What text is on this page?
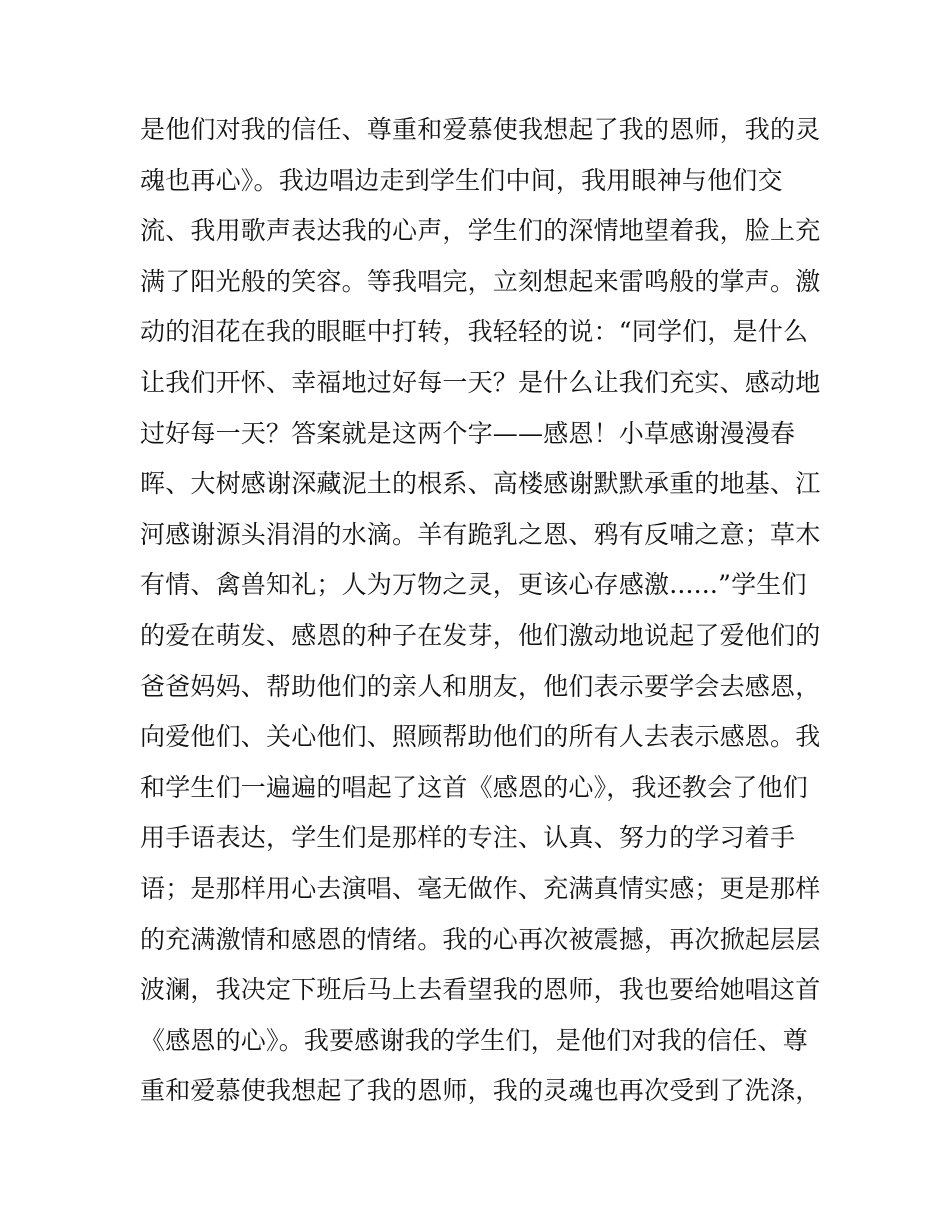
是他们对我的信任、尊重和爱慕使我想起了我的恩师，我的灵
魂也再心》。我边唱边走到学生们中间，我用眼神与他们交
流、我用歌声表达我的心声，学生们的深情地望着我，脸上充
满了阳光般的笑容。等我唱完，立刻想起来雷鸣般的掌声。激
动的泪花在我的眼眶中打转，我轻轻的说：“同学们，是什么
让我们开怀、幸福地过好每一天？是什么让我们充实、感动地
过好每一天？答案就是这两个字——感恩！小草感谢漫漫春
晖、大树感谢深藏泥土的根系、高楼感谢默默承重的地基、江
河感谢源头涓涓的水滴。羊有跪乳之恩、鸦有反哺之意；草木
有情、禽兽知礼；人为万物之灵，更该心存感激......”学生们
的爱在萌发、感恩的种子在发芽，他们激动地说起了爱他们的
爸爸妈妈、帮助他们的亲人和朋友，他们表示要学会去感恩，
向爱他们、关心他们、照顾帮助他们的所有人去表示感恩。我
和学生们一遍遍的唱起了这首《感恩的心》，我还教会了他们
用手语表达，学生们是那样的专注、认真、努力的学习着手
语；是那样用心去演唱、毫无做作、充满真情实感；更是那样
的充满激情和感恩的情绪。我的心再次被震撼，再次掀起层层
波澜，我决定下班后马上去看望我的恩师，我也要给她唱这首
《感恩的心》。我要感谢我的学生们，是他们对我的信任、尊
重和爱慕使我想起了我的恩师，我的灵魂也再次受到了洗涤，
